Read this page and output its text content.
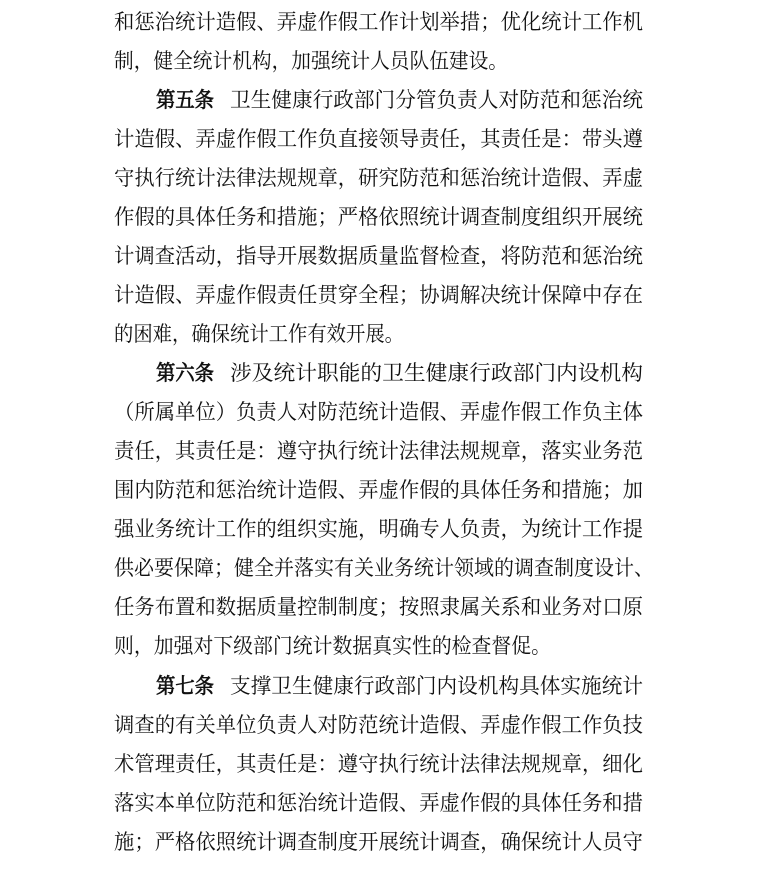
和惩治统计造假、弄虚作假工作计划举措；优化统计工作机
制，健全统计机构，加强统计人员队伍建设。
第五条 卫生健康行政部门分管负责人对防范和惩治统
计造假、弄虚作假工作负直接领导责任，其责任是：带头遵
守执行统计法律法规规章，研究防范和惩治统计造假、弄虚
作假的具体任务和措施；严格依照统计调查制度组织开展统
计调查活动，指导开展数据质量监督检查，将防范和惩治统
计造假、弄虚作假责任贯穿全程；协调解决统计保障中存在
的困难，确保统计工作有效开展。
第六条 涉及统计职能的卫生健康行政部门内设机构
（所属单位）负责人对防范统计造假、弄虚作假工作负主体
责任，其责任是：遵守执行统计法律法规规章，落实业务范
围内防范和惩治统计造假、弄虚作假的具体任务和措施；加
强业务统计工作的组织实施，明确专人负责，为统计工作提
供必要保障；健全并落实有关业务统计领域的调查制度设计、
任务布置和数据质量控制制度；按照隶属关系和业务对口原
则，加强对下级部门统计数据真实性的检查督促。
第七条 支撑卫生健康行政部门内设机构具体实施统计
调查的有关单位负责人对防范统计造假、弄虚作假工作负技
术管理责任，其责任是：遵守执行统计法律法规规章，细化
落实本单位防范和惩治统计造假、弄虚作假的具体任务和措
施；严格依照统计调查制度开展统计调查，确保统计人员守
